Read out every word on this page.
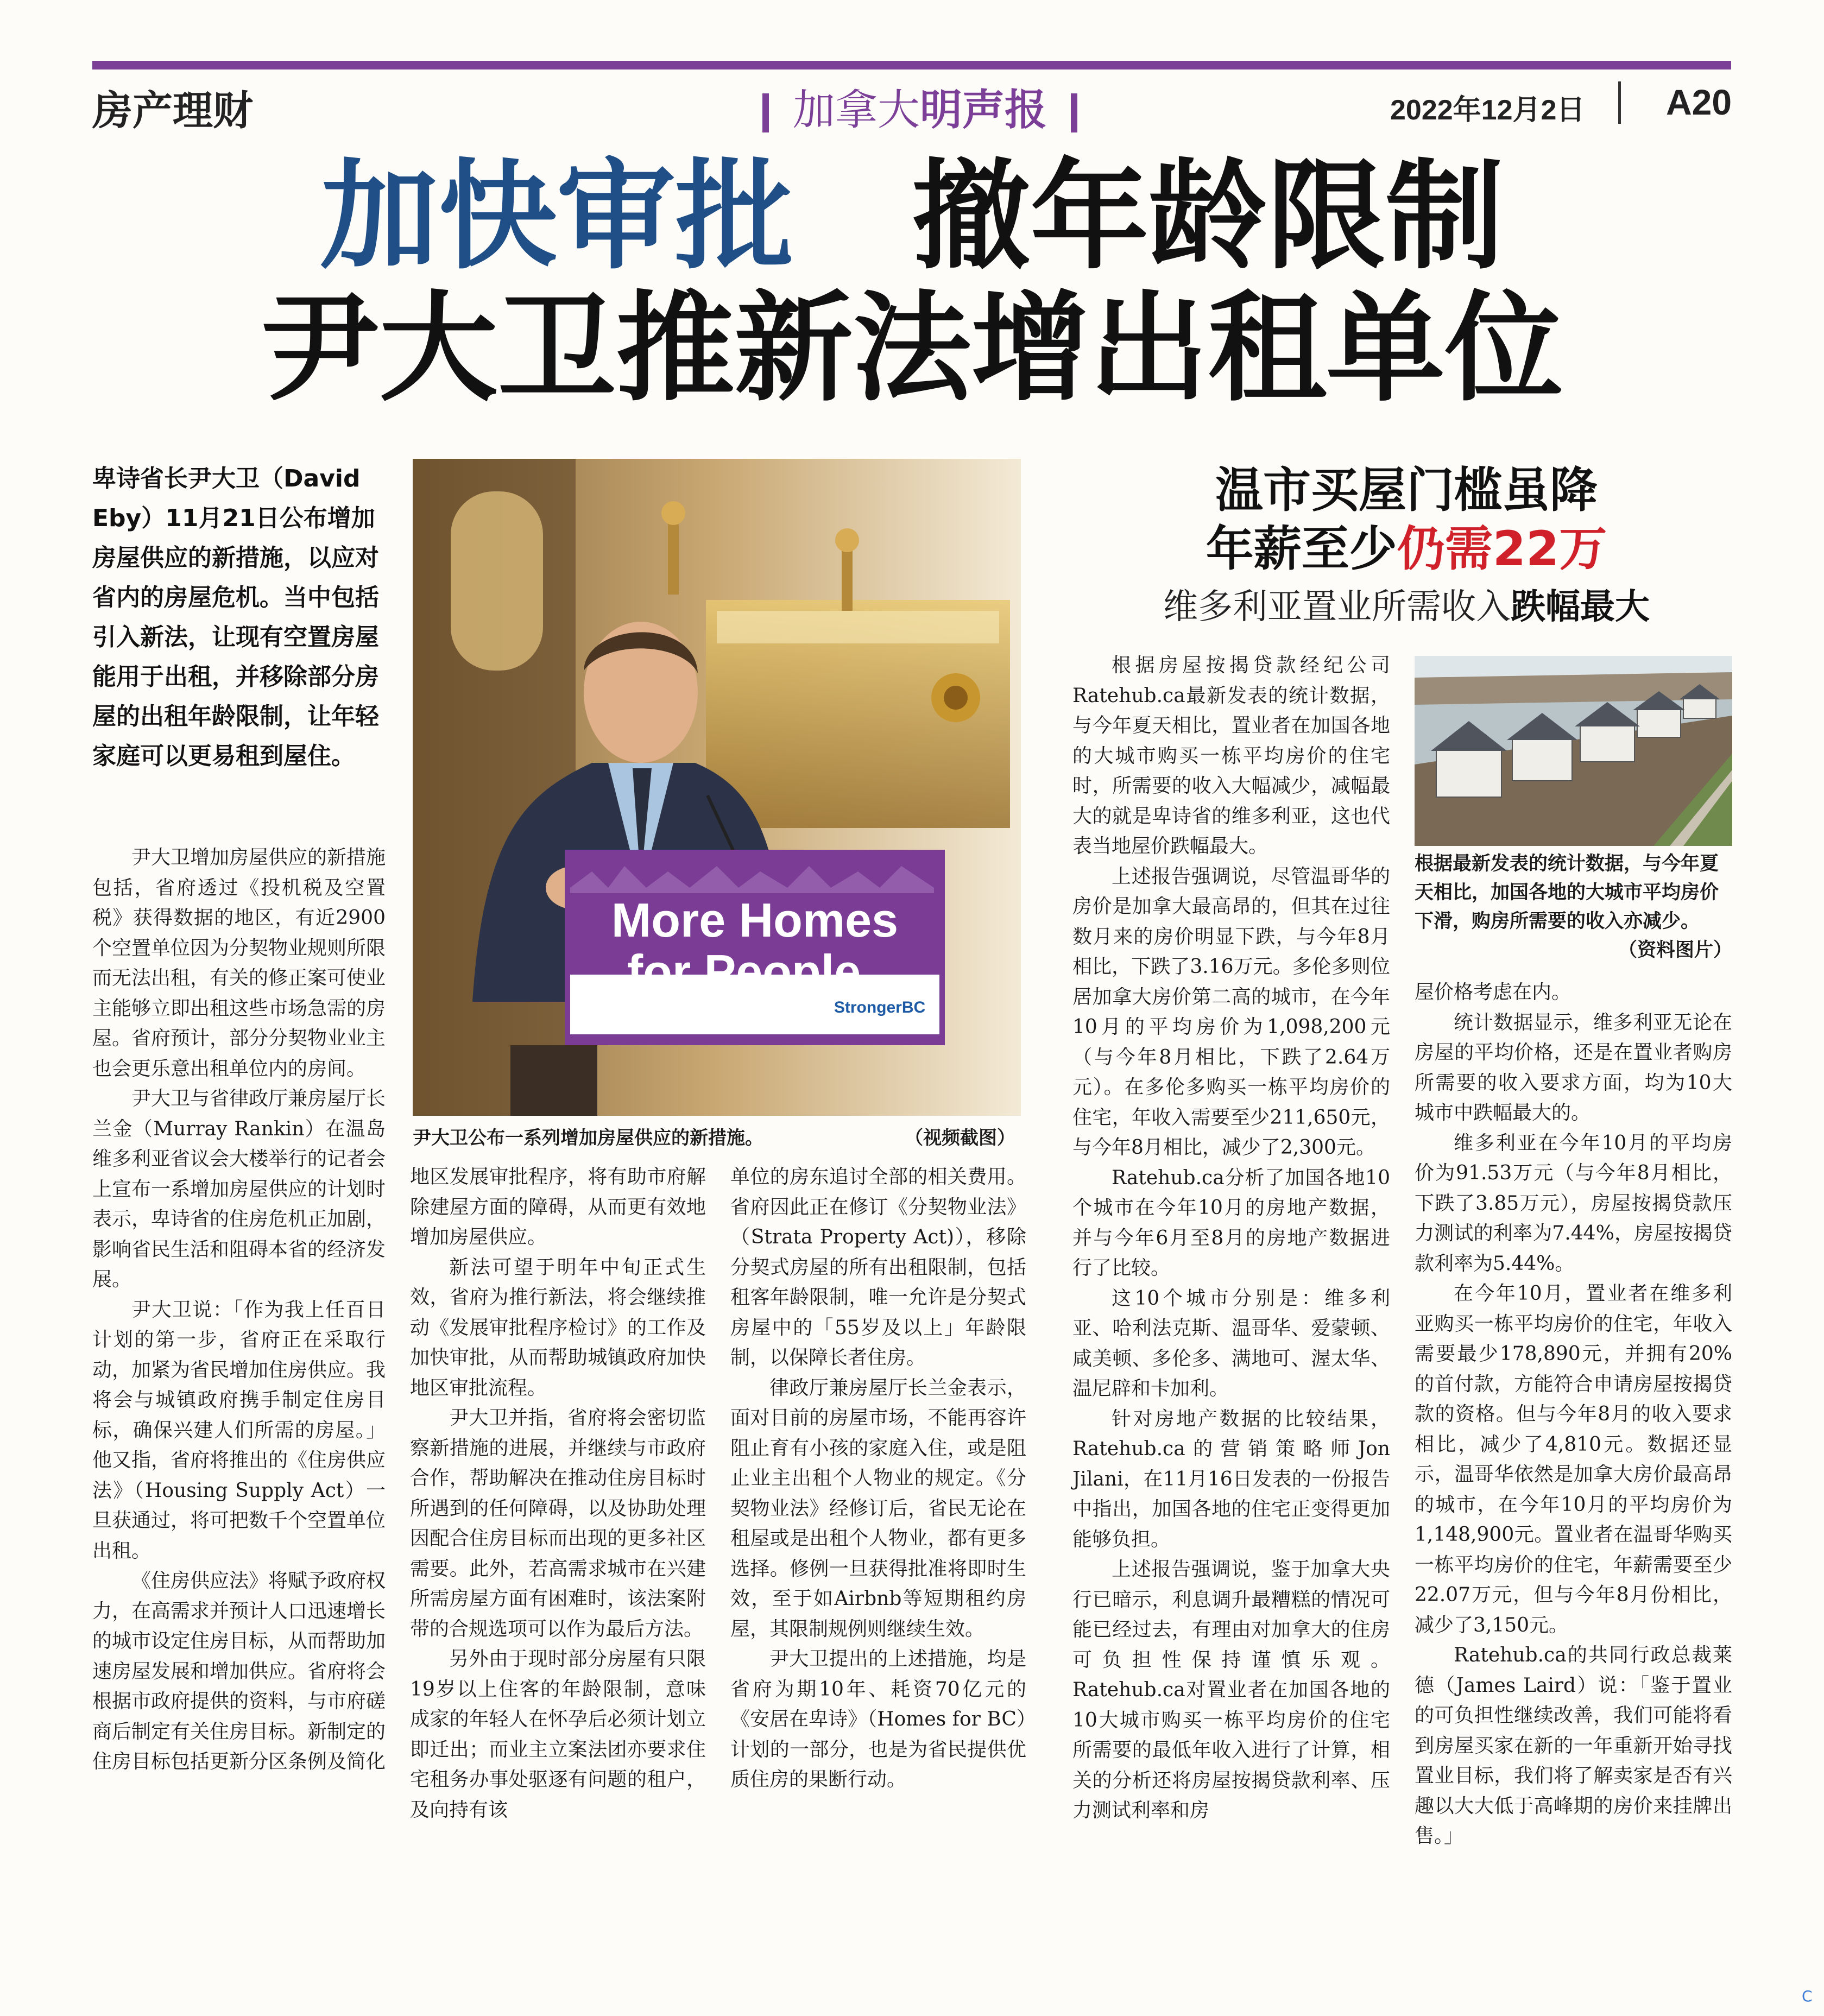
房产理财	加拿大明声报	2022年12月2日 A20
加快审批  撤年龄限制
尹大卫推新法增出租单位
卑诗省长尹大卫（David Eby）11月21日公布增加房屋供应的新措施，以应对省内的房屋危机。当中包括引入新法，让现有空置房屋能用于出租，并移除部分房屋的出租年龄限制，让年轻家庭可以更易租到屋住。
More Homes
for People
StrongerBC
尹大卫公布一系列增加房屋供应的新措施。	（视频截图）

尹大卫增加房屋供应的新措施包括，省府透过《投机税及空置税》获得数据的地区，有近2900个空置单位因为分契物业规则所限而无法出租，有关的修正案可使业主能够立即出租这些市场急需的房屋。省府预计，部分分契物业业主也会更乐意出租单位内的房间。

尹大卫与省律政厅兼房屋厅长兰金（Murray Rankin）在温岛维多利亚省议会大楼举行的记者会上宣布一系增加房屋供应的计划时表示，卑诗省的住房危机正加剧，影响省民生活和阻碍本省的经济发展。

尹大卫说：「作为我上任百日计划的第一步，省府正在采取行动，加紧为省民增加住房供应。我将会与城镇政府携手制定住房目标，确保兴建人们所需的房屋。」他又指，省府将推出的《住房供应法》（Housing Supply Act）一旦获通过，将可把数千个空置单位出租。

《住房供应法》将赋予政府权力，在高需求并预计人口迅速增长的城市设定住房目标，从而帮助加速房屋发展和增加供应。省府将会根据市政府提供的资料，与市府磋商后制定有关住房目标。新制定的住房目标包括更新分区条例及简化

地区发展审批程序，将有助市府解除建屋方面的障碍，从而更有效地增加房屋供应。

新法可望于明年中旬正式生效，省府为推行新法，将会继续推动《发展审批程序检讨》的工作及加快审批，从而帮助城镇政府加快地区审批流程。

尹大卫并指，省府将会密切监察新措施的进展，并继续与市政府合作，帮助解决在推动住房目标时所遇到的任何障碍，以及协助处理因配合住房目标而出现的更多社区需要。此外，若高需求城市在兴建所需房屋方面有困难时，该法案附带的合规选项可以作为最后方法。

另外由于现时部分房屋有只限19岁以上住客的年龄限制，意味成家的年轻人在怀孕后必须计划立即迁出；而业主立案法团亦要求住宅租务办事处驱逐有问题的租户，及向持有该

单位的房东追讨全部的相关费用。省府因此正在修订《分契物业法》（Strata Property Act)），移除分契式房屋的所有出租限制，包括租客年龄限制，唯一允许是分契式房屋中的「55岁及以上」年龄限制，以保障长者住房。

律政厅兼房屋厅长兰金表示，面对目前的房屋市场，不能再容许阻止育有小孩的家庭入住，或是阻止业主出租个人物业的规定。《分契物业法》经修订后，省民无论在租屋或是出租个人物业，都有更多选择。修例一旦获得批准将即时生效，至于如Airbnb等短期租约房屋，其限制规例则继续生效。

尹大卫提出的上述措施，均是省府为期10年、耗资70亿元的《安居在卑诗》（Homes for BC）计划的一部分，也是为省民提供优质住房的果断行动。

温市买屋门槛虽降
年薪至少仍需22万
维多利亚置业所需收入跌幅最大

根据房屋按揭贷款经纪公司Ratehub.ca最新发表的统计数据，与今年夏天相比，置业者在加国各地的大城市购买一栋平均房价的住宅时，所需要的收入大幅减少，减幅最大的就是卑诗省的维多利亚，这也代表当地屋价跌幅最大。

上述报告强调说，尽管温哥华的房价是加拿大最高昂的，但其在过往数月来的房价明显下跌，与今年8月相比，下跌了3.16万元。多伦多则位居加拿大房价第二高的城市，在今年10月的平均房价为1,098,200元（与今年8月相比，下跌了2.64万元）。在多伦多购买一栋平均房价的住宅，年收入需要至少211,650元，与今年8月相比，减少了2,300元。

Ratehub.ca分析了加国各地10个城市在今年10月的房地产数据，并与今年6月至8月的房地产数据进行了比较。

这10个城市分别是：维多利亚、哈利法克斯、温哥华、爱蒙顿、咸美顿、多伦多、满地可、渥太华、温尼辟和卡加利。

针对房地产数据的比较结果，Ratehub.ca的营销策略师Jon Jilani，在11月16日发表的一份报告中指出，加国各地的住宅正变得更加能够负担。

上述报告强调说，鉴于加拿大央行已暗示，利息调升最糟糕的情况可能已经过去，有理由对加拿大的住房可负担性保持谨慎乐观。Ratehub.ca对置业者在加国各地的10大城市购买一栋平均房价的住宅所需要的最低年收入进行了计算，相关的分析还将房屋按揭贷款利率、压力测试利率和房

根据最新发表的统计数据，与今年夏天相比，加国各地的大城市平均房价下滑，购房所需要的收入亦减少。
（资料图片）

屋价格考虑在内。

统计数据显示，维多利亚无论在房屋的平均价格，还是在置业者购房所需要的收入要求方面，均为10大城市中跌幅最大的。

维多利亚在今年10月的平均房价为91.53万元（与今年8月相比，下跌了3.85万元），房屋按揭贷款压力测试的利率为7.44%，房屋按揭贷款利率为5.44%。

在今年10月，置业者在维多利亚购买一栋平均房价的住宅，年收入需要最少178,890元，并拥有20%的首付款，方能符合申请房屋按揭贷款的资格。但与今年8月的收入要求相比，减少了4,810元。数据还显示，温哥华依然是加拿大房价最高昂的城市，在今年10月的平均房价为1,148,900元。置业者在温哥华购买一栋平均房价的住宅，年薪需要至少22.07万元，但与今年8月份相比，减少了3,150元。

Ratehub.ca的共同行政总裁莱德（James Laird）说：「鉴于置业的可负担性继续改善，我们可能将看到房屋买家在新的一年重新开始寻找置业目标，我们将了解卖家是否有兴趣以大大低于高峰期的房价来挂牌出售。」

C
